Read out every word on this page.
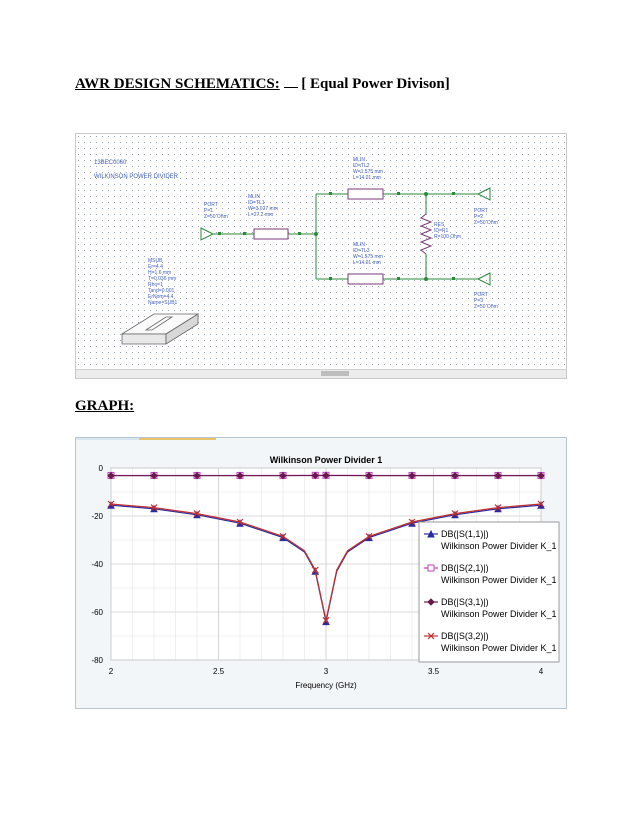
AWR DESIGN SCHEMATICS: [ Equal Power Divison]
13BEC0060
WILKINSON POWER DIVIDER
PORT
P=1
Z=50 Ohm
MLIN
ID=TL1
W=3.027 mm
L=27.2 mm
MLIN
ID=TL2
W=1.575 mm
L=14.01 mm
MLIN
ID=TL3
W=1.575 mm
L=14.01 mm
RES
ID=R1
R=100 Ohm
PORT
P=2
Z=50 Ohm
PORT
P=3
Z=50 Ohm
MSUB
Er=4.4
H=1.6 mm
T=0.036 mm
Rho=1
Tand=0.001
ErNom=4.4
Name=SUB1
GRAPH:
2	2.5	3	3.5	4
0
-20
-40
-60
-80
Wilkinson Power Divider 1
Frequency (GHz)
DB(|S(1,1)|)
Wilkinson Power Divider K_1
DB(|S(2,1)|)
Wilkinson Power Divider K_1
DB(|S(3,1)|)
Wilkinson Power Divider K_1
DB(|S(3,2)|)
Wilkinson Power Divider K_1
